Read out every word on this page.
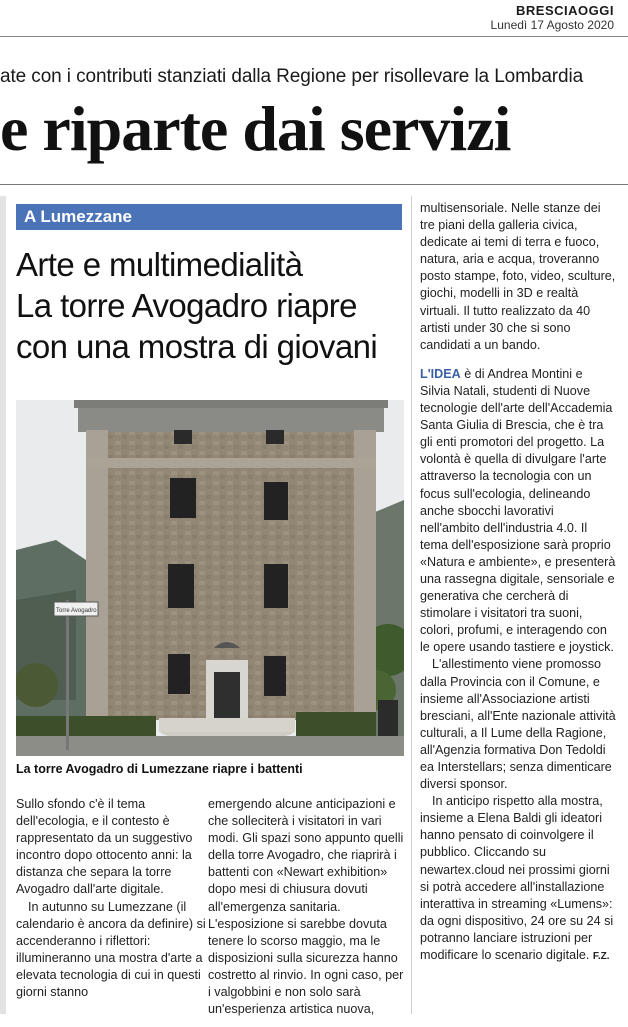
BRESCIAOGGI
Lunedì 17 Agosto 2020
ate con i contributi stanziati dalla Regione per risollevare la Lombardia
e riparte dai servizi
A Lumezzane
Arte e multimedialità
La torre Avogadro riapre
con una mostra di giovani
Torre Avogadro
La torre Avogadro di Lumezzane riapre i battenti

Sullo sfondo c'è il tema dell'ecologia, e il contesto è rappresentato da un suggestivo incontro dopo ottocento anni: la distanza che separa la torre Avogadro dall'arte digitale.

In autunno su Lumezzane (il calendario è ancora da definire) si accenderanno i riflettori: illumineranno una mostra d'arte a elevata tecnologia di cui in questi giorni stanno

emergendo alcune anticipazioni e che solleciterà i visitatori in vari modi. Gli spazi sono appunto quelli della torre Avogadro, che riaprirà i battenti con «Newart exhibition» dopo mesi di chiusura dovuti all'emergenza sanitaria.

L'esposizione si sarebbe dovuta tenere lo scorso maggio, ma le disposizioni sulla sicurezza hanno costretto al rinvio. In ogni caso, per i valgobbini e non solo sarà un'esperienza artistica nuova,

multisensoriale. Nelle stanze dei tre piani della galleria civica, dedicate ai temi di terra e fuoco, natura, aria e acqua, troveranno posto stampe, foto, video, sculture, giochi, modelli in 3D e realtà virtuali. Il tutto realizzato da 40 artisti under 30 che si sono candidati a un bando.

L'IDEA è di Andrea Montini e Silvia Natali, studenti di Nuove tecnologie dell'arte dell'Accademia Santa Giulia di Brescia, che è tra gli enti promotori del progetto. La volontà è quella di divulgare l'arte attraverso la tecnologia con un focus sull'ecologia, delineando anche sbocchi lavorativi nell'ambito dell'industria 4.0. Il tema dell'esposizione sarà proprio «Natura e ambiente», e presenterà una rassegna digitale, sensoriale e generativa che cercherà di stimolare i visitatori tra suoni, colori, profumi, e interagendo con le opere usando tastiere e joystick.

L'allestimento viene promosso dalla Provincia con il Comune, e insieme all'Associazione artisti bresciani, all'Ente nazionale attività culturali, a Il Lume della Ragione, all'Agenzia formativa Don Tedoldi ea Interstellars; senza dimenticare diversi sponsor.

In anticipo rispetto alla mostra, insieme a Elena Baldi gli ideatori hanno pensato di coinvolgere il pubblico. Cliccando su newartex.cloud nei prossimi giorni si potrà accedere all'installazione interattiva in streaming «Lumens»: da ogni dispositivo, 24 ore su 24 si potranno lanciare istruzioni per modificare lo scenario digitale. F.Z.
